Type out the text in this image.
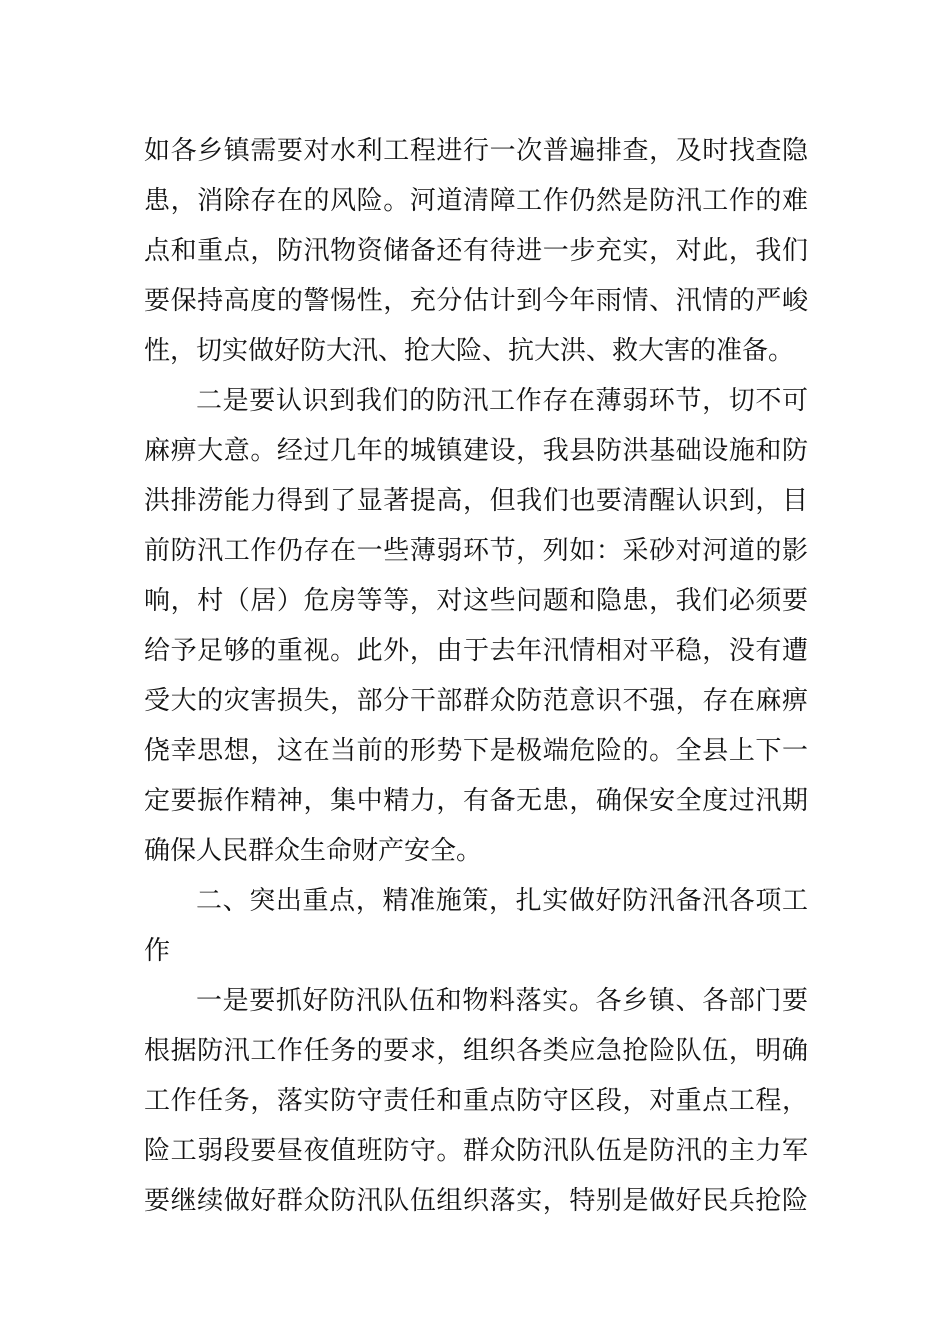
如各乡镇需要对水利工程进行一次普遍排查，及时找查隐
患，消除存在的风险。河道清障工作仍然是防汛工作的难
点和重点，防汛物资储备还有待进一步充实，对此，我们
要保持高度的警惕性，充分估计到今年雨情、汛情的严峻
性，切实做好防大汛、抢大险、抗大洪、救大害的准备。
二是要认识到我们的防汛工作存在薄弱环节，切不可
麻痹大意。经过几年的城镇建设，我县防洪基础设施和防
洪排涝能力得到了显著提高，但我们也要清醒认识到，目
前防汛工作仍存在一些薄弱环节，列如：采砂对河道的影
响，村（居）危房等等，对这些问题和隐患，我们必须要
给予足够的重视。此外，由于去年汛情相对平稳，没有遭
受大的灾害损失，部分干部群众防范意识不强，存在麻痹
侥幸思想，这在当前的形势下是极端危险的。全县上下一
定要振作精神，集中精力，有备无患，确保安全度过汛期
确保人民群众生命财产安全。
二、突出重点，精准施策，扎实做好防汛备汛各项工
作
一是要抓好防汛队伍和物料落实。各乡镇、各部门要
根据防汛工作任务的要求，组织各类应急抢险队伍，明确
工作任务，落实防守责任和重点防守区段，对重点工程，
险工弱段要昼夜值班防守。群众防汛队伍是防汛的主力军
要继续做好群众防汛队伍组织落实，特别是做好民兵抢险
